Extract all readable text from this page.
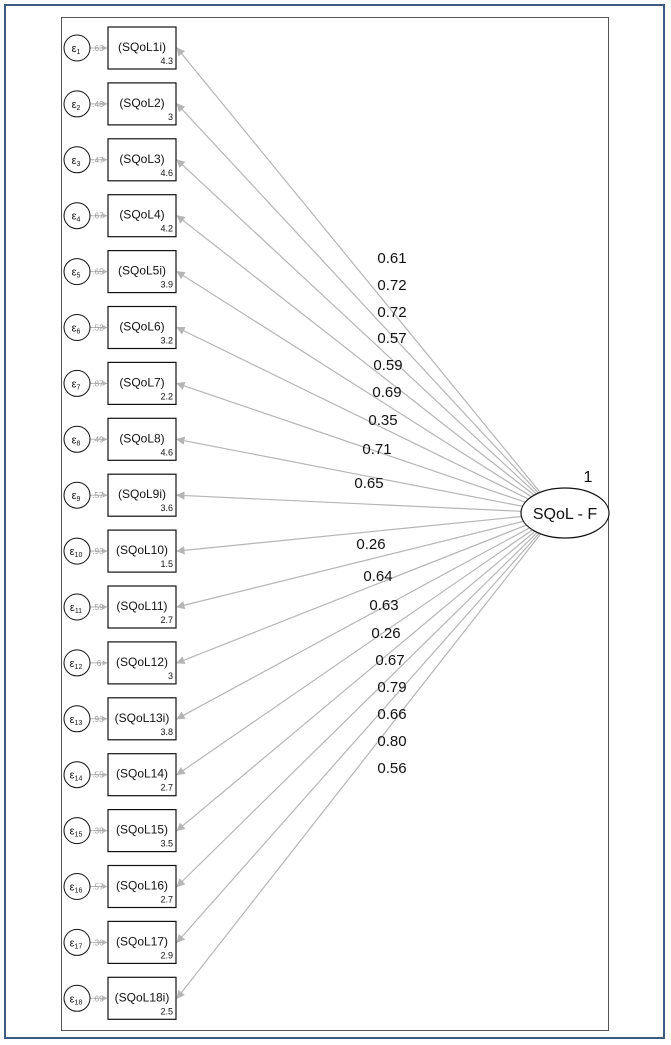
ε1 .63 (SQoL1i)
4.3
ε2 .48 (SQoL2)
3
ε3 .47 (SQoL3)
4.6
ε4 .67 (SQoL4)
4.2
ε5 .65 (SQoL5i)
3.9
ε6 .52 (SQoL6)
3.2
ε7 .87 (SQoL7)
2.2
ε8 .49 (SQoL8)
4.6
ε9 .57 (SQoL9i)
3.6
ε10 .93 (SQoL10)
1.5
ε11 .59 (SQoL11)
2.7
ε12 .6 (SQoL12)
3
ε13 .93 (SQoL13i)
3.8
ε14 .55 (SQoL14)
2.7
ε15 .38 (SQoL15)
3.5
ε16 .57 (SQoL16)
2.7
ε17 .36 (SQoL17)
2.9
ε18 .69 (SQoL18i)
2.5
0.61
0.72
0.72
0.57
0.59
0.69
0.35
0.71
0.65
0.26
0.64
0.63
0.26
0.67
0.79
0.66
0.80
0.56
SQoL - F
1
